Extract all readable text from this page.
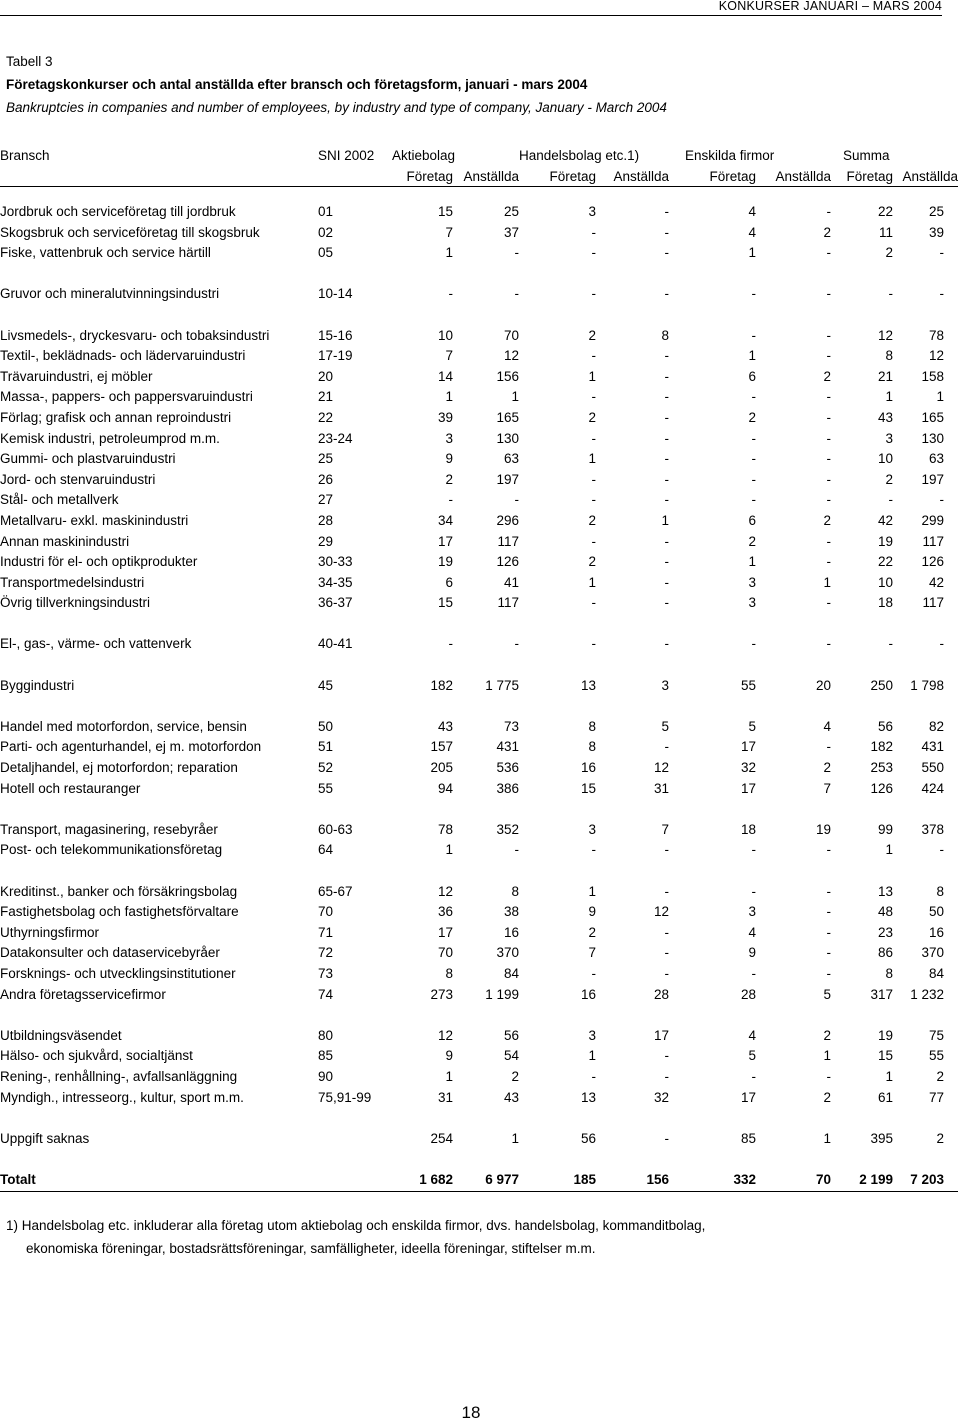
KONKURSER JANUARI – MARS 2004
Tabell 3
Företagskonkurser och antal anställda efter bransch och företagsform, januari - mars 2004
Bankruptcies in companies and number of employees, by industry and type of company, January - March 2004
Bransch	SNI 2002	Aktiebolag		Handelsbolag etc.1)		Enskilda firmor		Summa	
		Företag	Anställda	Företag	Anställda	Företag	Anställda	Företag	Anställda

Jordbruk och serviceföretag till jordbruk	01	15	25	3	-	4	-	22	25
Skogsbruk och serviceföretag till skogsbruk	02	7	37	-	-	4	2	11	39
Fiske, vattenbruk och service härtill	05	1	-	-	-	1	-	2	-

Gruvor och mineralutvinningsindustri	10-14	-	-	-	-	-	-	-	-

Livsmedels-, dryckesvaru- och tobaksindustri	15-16	10	70	2	8	-	-	12	78
Textil-, beklädnads- och lädervaruindustri	17-19	7	12	-	-	1	-	8	12
Trävaruindustri, ej möbler	20	14	156	1	-	6	2	21	158
Massa-, pappers- och pappersvaruindustri	21	1	1	-	-	-	-	1	1
Förlag; grafisk och annan reproindustri	22	39	165	2	-	2	-	43	165
Kemisk industri, petroleumprod m.m.	23-24	3	130	-	-	-	-	3	130
Gummi- och plastvaruindustri	25	9	63	1	-	-	-	10	63
Jord- och stenvaruindustri	26	2	197	-	-	-	-	2	197
Stål- och metallverk	27	-	-	-	-	-	-	-	-
Metallvaru- exkl. maskinindustri	28	34	296	2	1	6	2	42	299
Annan maskinindustri	29	17	117	-	-	2	-	19	117
Industri för el- och optikprodukter	30-33	19	126	2	-	1	-	22	126
Transportmedelsindustri	34-35	6	41	1	-	3	1	10	42
Övrig tillverkningsindustri	36-37	15	117	-	-	3	-	18	117

El-, gas-, värme- och vattenverk	40-41	-	-	-	-	-	-	-	-

Byggindustri	45	182	1 775	13	3	55	20	250	1 798

Handel med motorfordon, service, bensin	50	43	73	8	5	5	4	56	82
Parti- och agenturhandel, ej m. motorfordon	51	157	431	8	-	17	-	182	431
Detaljhandel, ej motorfordon; reparation	52	205	536	16	12	32	2	253	550
Hotell och restauranger	55	94	386	15	31	17	7	126	424

Transport, magasinering, resebyråer	60-63	78	352	3	7	18	19	99	378
Post- och telekommunikationsföretag	64	1	-	-	-	-	-	1	-

Kreditinst., banker och försäkringsbolag	65-67	12	8	1	-	-	-	13	8
Fastighetsbolag och fastighetsförvaltare	70	36	38	9	12	3	-	48	50
Uthyrningsfirmor	71	17	16	2	-	4	-	23	16
Datakonsulter och dataservicebyråer	72	70	370	7	-	9	-	86	370
Forsknings- och utvecklingsinstitutioner	73	8	84	-	-	-	-	8	84
Andra företagsservicefirmor	74	273	1 199	16	28	28	5	317	1 232

Utbildningsväsendet	80	12	56	3	17	4	2	19	75
Hälso- och sjukvård, socialtjänst	85	9	54	1	-	5	1	15	55
Rening-, renhållning-, avfallsanläggning	90	1	2	-	-	-	-	1	2
Myndigh., intresseorg., kultur, sport m.m.	75,91-99	31	43	13	32	17	2	61	77

Uppgift saknas		254	1	56	-	85	1	395	2

Totalt		1 682	6 977	185	156	332	70	2 199	7 203
1) Handelsbolag etc. inkluderar alla företag utom aktiebolag och enskilda firmor, dvs. handelsbolag, kommanditbolag,
ekonomiska föreningar, bostadsrättsföreningar, samfälligheter, ideella föreningar, stiftelser m.m.
18
